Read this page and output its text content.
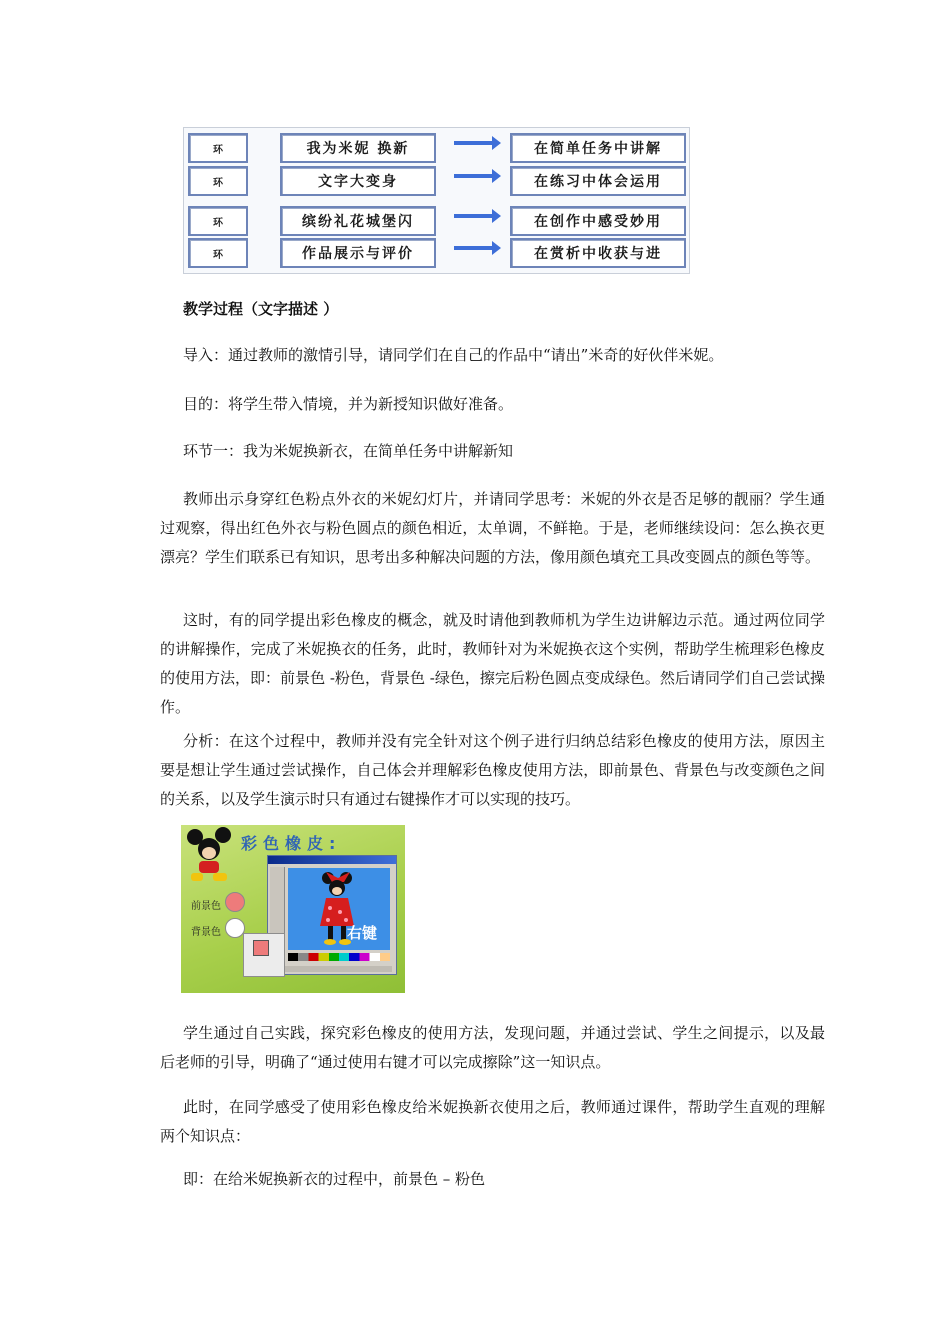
环	我为米妮 换新	在简单任务中讲解
环	文字大变身	在练习中体会运用
环	缤纷礼花城堡闪	在创作中感受妙用
环	作品展示与评价	在赏析中收获与进
教学过程（文字描述 ）
导入：通过教师的激情引导，请同学们在自己的作品中“请出”米奇的好伙伴米妮。
目的：将学生带入情境，并为新授知识做好准备。
环节一：我为米妮换新衣，在简单任务中讲解新知
教师出示身穿红色粉点外衣的米妮幻灯片，并请同学思考：米妮的外衣是否足够的靓丽？学生通过观察，得出红色外衣与粉色圆点的颜色相近，太单调，不鲜艳。于是，老师继续设问：怎么换衣更漂亮？学生们联系已有知识，思考出多种解决问题的方法，像用颜色填充工具改变圆点的颜色等等。
这时，有的同学提出彩色橡皮的概念，就及时请他到教师机为学生边讲解边示范。通过两位同学的讲解操作，完成了米妮换衣的任务，此时，教师针对为米妮换衣这个实例，帮助学生梳理彩色橡皮的使用方法，即：前景色 -粉色，背景色 -绿色，擦完后粉色圆点变成绿色。然后请同学们自己尝试操作。
分析：在这个过程中，教师并没有完全针对这个例子进行归纳总结彩色橡皮的使用方法，原因主要是想让学生通过尝试操作，自己体会并理解彩色橡皮使用方法，即前景色、背景色与改变颜色之间的关系，以及学生演示时只有通过右键操作才可以实现的技巧。
彩色橡皮:
前景色
背景色	右键
学生通过自己实践，探究彩色橡皮的使用方法，发现问题，并通过尝试、学生之间提示，以及最后老师的引导，明确了“通过使用右键才可以完成擦除”这一知识点。
此时，在同学感受了使用彩色橡皮给米妮换新衣使用之后，教师通过课件，帮助学生直观的理解两个知识点：
即：在给米妮换新衣的过程中，前景色 – 粉色
